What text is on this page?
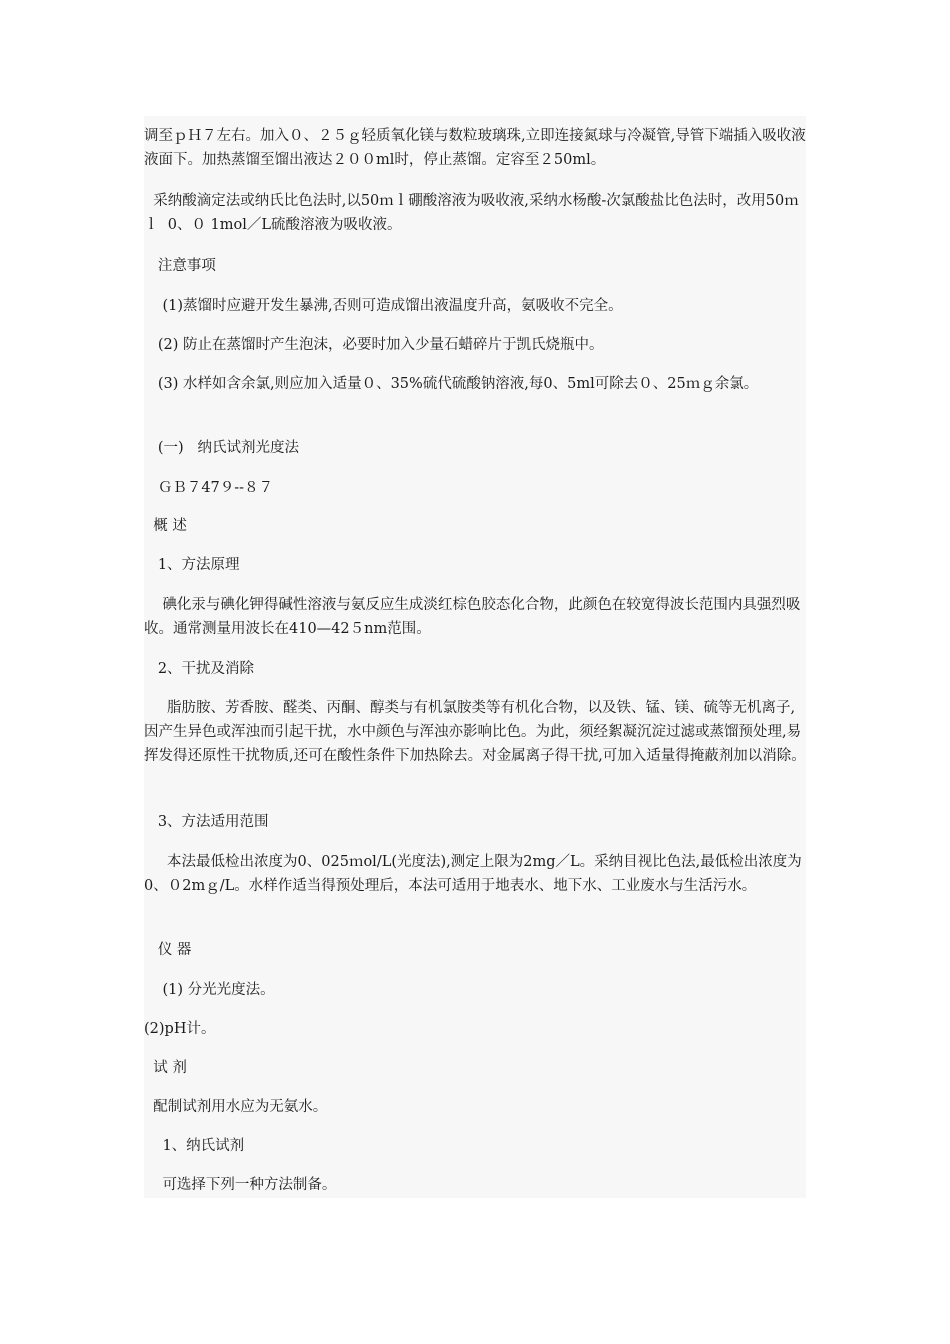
调至ｐＨ７左右。加入０、２５ｇ轻质氧化镁与数粒玻璃珠,立即连接氮球与冷凝管,导管下端插入吸收液液面下。加热蒸馏至馏出液达２００ml时，停止蒸馏。定容至２50ml。

采纳酸滴定法或纳氏比色法时,以50ｍｌ硼酸溶液为吸收液,采纳水杨酸-次氯酸盐比色法时，改用50ｍｌ  0、０ 1mol／L硫酸溶液为吸收液。

注意事项

(1)蒸馏时应避开发生暴沸,否则可造成馏出液温度升高，氨吸收不完全。

(2) 防止在蒸馏时产生泡沫，必要时加入少量石蜡碎片于凯氏烧瓶中。

(3) 水样如含余氯,则应加入适量０、35%硫代硫酸钠溶液,每0、5ml可除去０、25ｍｇ余氯。

(一)   纳氏试剂光度法

ＧＢ７47９--８７

概 述

1、方法原理

碘化汞与碘化钾得碱性溶液与氨反应生成淡红棕色胶态化合物，此颜色在较宽得波长范围内具强烈吸收。通常测量用波长在410—42５nm范围。

2、干扰及消除

脂肪胺、芳香胺、醛类、丙酮、醇类与有机氯胺类等有机化合物，以及铁、锰、镁、硫等无机离子,因产生异色或浑浊而引起干扰，水中颜色与浑浊亦影响比色。为此，须经絮凝沉淀过滤或蒸馏预处理,易挥发得还原性干扰物质,还可在酸性条件下加热除去。对金属离子得干扰,可加入适量得掩蔽剂加以消除。

3、方法适用范围

本法最低检出浓度为0、025ｍol/L(光度法),测定上限为2mg／L。采纳目视比色法,最低检出浓度为0、０2mｇ/L。水样作适当得预处理后，本法可适用于地表水、地下水、工业废水与生活污水。

仪 器

(1) 分光光度法。

(2)pH计。

试 剂

配制试剂用水应为无氨水。

1、纳氏试剂

可选择下列一种方法制备。
